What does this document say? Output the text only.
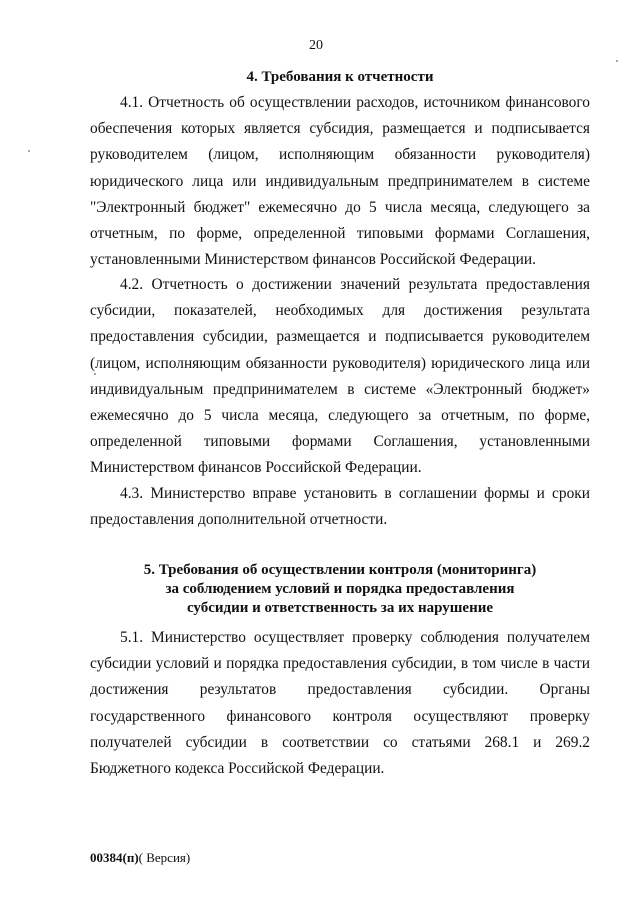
20
4. Требования к отчетности

4.1. Отчетность об осуществлении расходов, источником финансового обеспечения которых является субсидия, размещается и подписывается руководителем (лицом, исполняющим обязанности руководителя) юридического лица или индивидуальным предпринимателем в системе "Электронный бюджет" ежемесячно до 5 числа месяца, следующего за отчетным, по форме, определенной типовыми формами Соглашения, установленными Министерством финансов Российской Федерации.

4.2. Отчетность о достижении значений результата предоставления субсидии, показателей, необходимых для достижения результата предоставления субсидии, размещается и подписывается руководителем (лицом, исполняющим обязанности руководителя) юридического лица или индивидуальным предпринимателем в системе «Электронный бюджет» ежемесячно до 5 числа месяца, следующего за отчетным, по форме, определенной типовыми формами Соглашения, установленными Министерством финансов Российской Федерации.

4.3. Министерство вправе установить в соглашении формы и сроки предоставления дополнительной отчетности.

5. Требования об осуществлении контроля (мониторинга)
за соблюдением условий и порядка предоставления
субсидии и ответственность за их нарушение

5.1. Министерство осуществляет проверку соблюдения получателем субсидии условий и порядка предоставления субсидии, в том числе в части достижения результатов предоставления субсидии. Органы государственного финансового контроля осуществляют проверку получателей субсидии в соответствии со статьями 268.1 и 269.2 Бюджетного кодекса Российской Федерации.

00384(п)( Версия)
